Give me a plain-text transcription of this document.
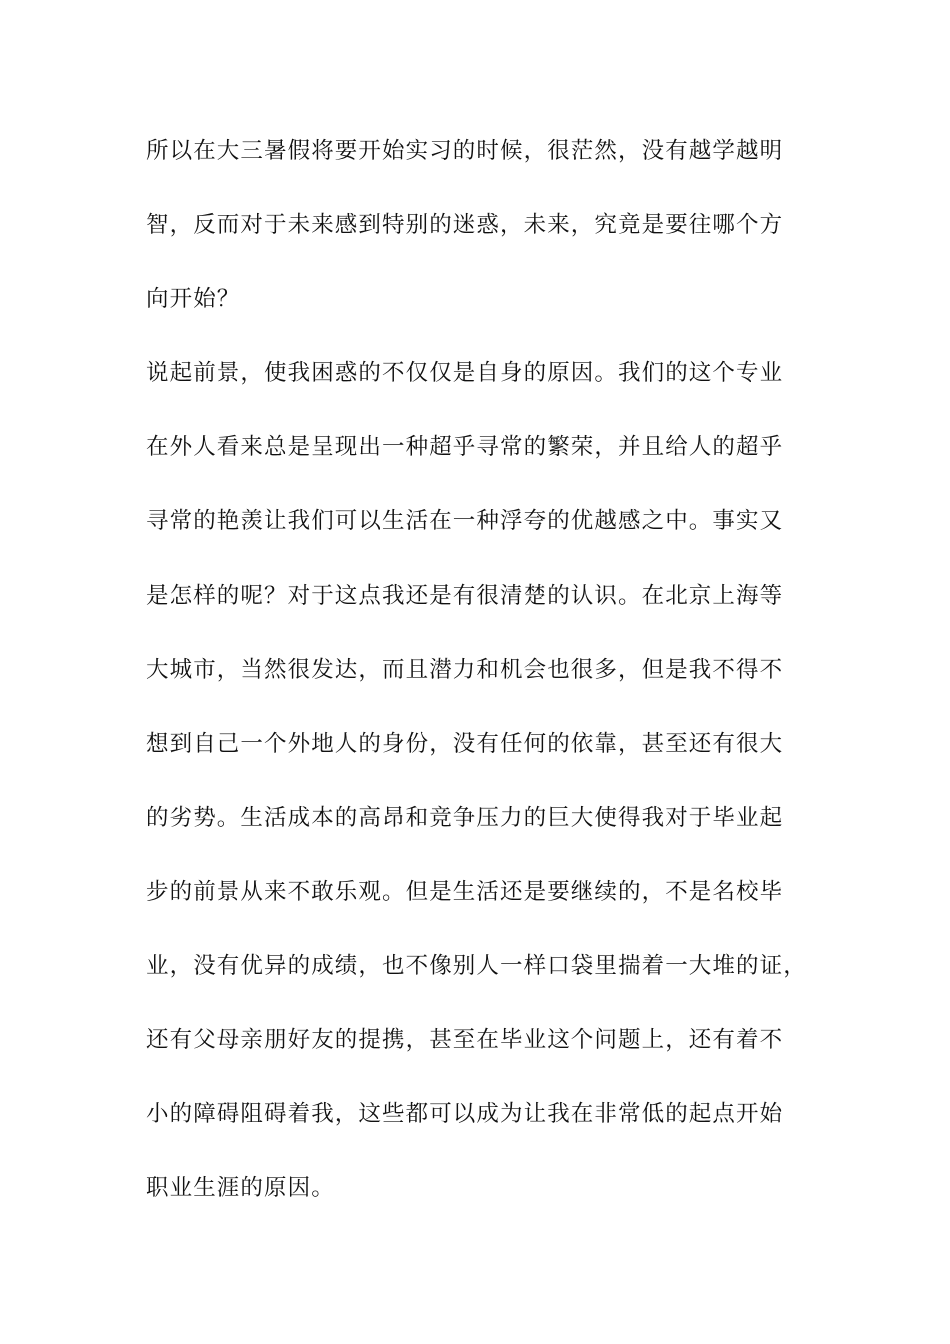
所以在大三暑假将要开始实习的时候，很茫然，没有越学越明
智，反而对于未来感到特别的迷惑，未来，究竟是要往哪个方
向开始？
说起前景，使我困惑的不仅仅是自身的原因。我们的这个专业
在外人看来总是呈现出一种超乎寻常的繁荣，并且给人的超乎
寻常的艳羡让我们可以生活在一种浮夸的优越感之中。事实又
是怎样的呢？对于这点我还是有很清楚的认识。在北京上海等
大城市，当然很发达，而且潜力和机会也很多，但是我不得不
想到自己一个外地人的身份，没有任何的依靠，甚至还有很大
的劣势。生活成本的高昂和竞争压力的巨大使得我对于毕业起
步的前景从来不敢乐观。但是生活还是要继续的，不是名校毕
业，没有优异的成绩，也不像别人一样口袋里揣着一大堆的证，
还有父母亲朋好友的提携，甚至在毕业这个问题上，还有着不
小的障碍阻碍着我，这些都可以成为让我在非常低的起点开始
职业生涯的原因。
